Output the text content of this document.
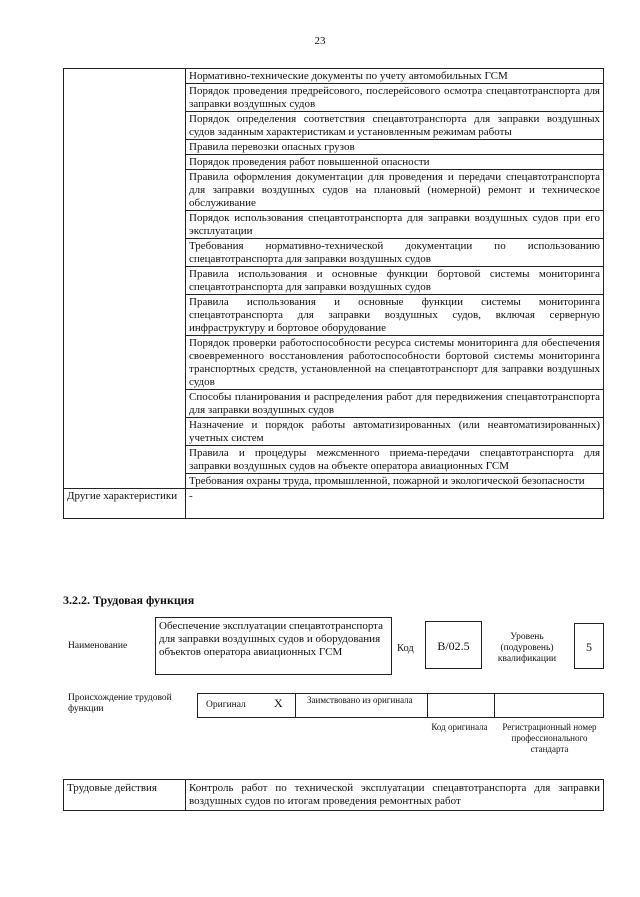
23
	Нормативно-технические документы по учету автомобильных ГСМ
	Порядок проведения предрейсового, послерейсового осмотра спецавтотранспорта для заправки воздушных судов
	Порядок определения соответствия спецавтотранспорта для заправки воздушных судов заданным характеристикам и установленным режимам работы
	Правила перевозки опасных грузов
	Порядок проведения работ повышенной опасности
	Правила оформления документации для проведения и передачи спецавтотранспорта для заправки воздушных судов на плановый (номерной) ремонт и техническое обслуживание
	Порядок использования спецавтотранспорта для заправки воздушных судов при его эксплуатации
	Требования нормативно-технической документации по использованию спецавтотранспорта для заправки воздушных судов
	Правила использования и основные функции бортовой системы мониторинга спецавтотранспорта для заправки воздушных судов
	Правила использования и основные функции системы мониторинга спецавтотранспорта для заправки воздушных судов, включая серверную инфраструктуру и бортовое оборудование
	Порядок проверки работоспособности ресурса системы мониторинга для обеспечения своевременного восстановления работоспособности бортовой системы мониторинга транспортных средств, установленной на спецавтотранспорт для заправки воздушных судов
	Способы планирования и распределения работ для передвижения спецавтотранспорта для заправки воздушных судов
	Назначение и порядок работы автоматизированных (или неавтоматизированных) учетных систем
	Правила и процедуры межсменного приема-передачи спецавтотранспорта для заправки воздушных судов на объекте оператора авиационных ГСМ
	Требования охраны труда, промышленной, пожарной и экологической безопасности
Другие характеристики	-
3.2.2. Трудовая функция
Наименование
Обеспечение эксплуатации спецавтотранспорта для заправки воздушных судов и оборудования объектов оператора авиационных ГСМ	Код	B/02.5
Уровень (подуровень) квалификации
5
Происхождение трудовой функции	Оригинал X	Заимствовано из оригинала
Код оригинала	Регистрационный номер профессионального стандарта
Трудовые действия	Контроль работ по технической эксплуатации спецавтотранспорта для заправки воздушных судов по итогам проведения ремонтных работ
